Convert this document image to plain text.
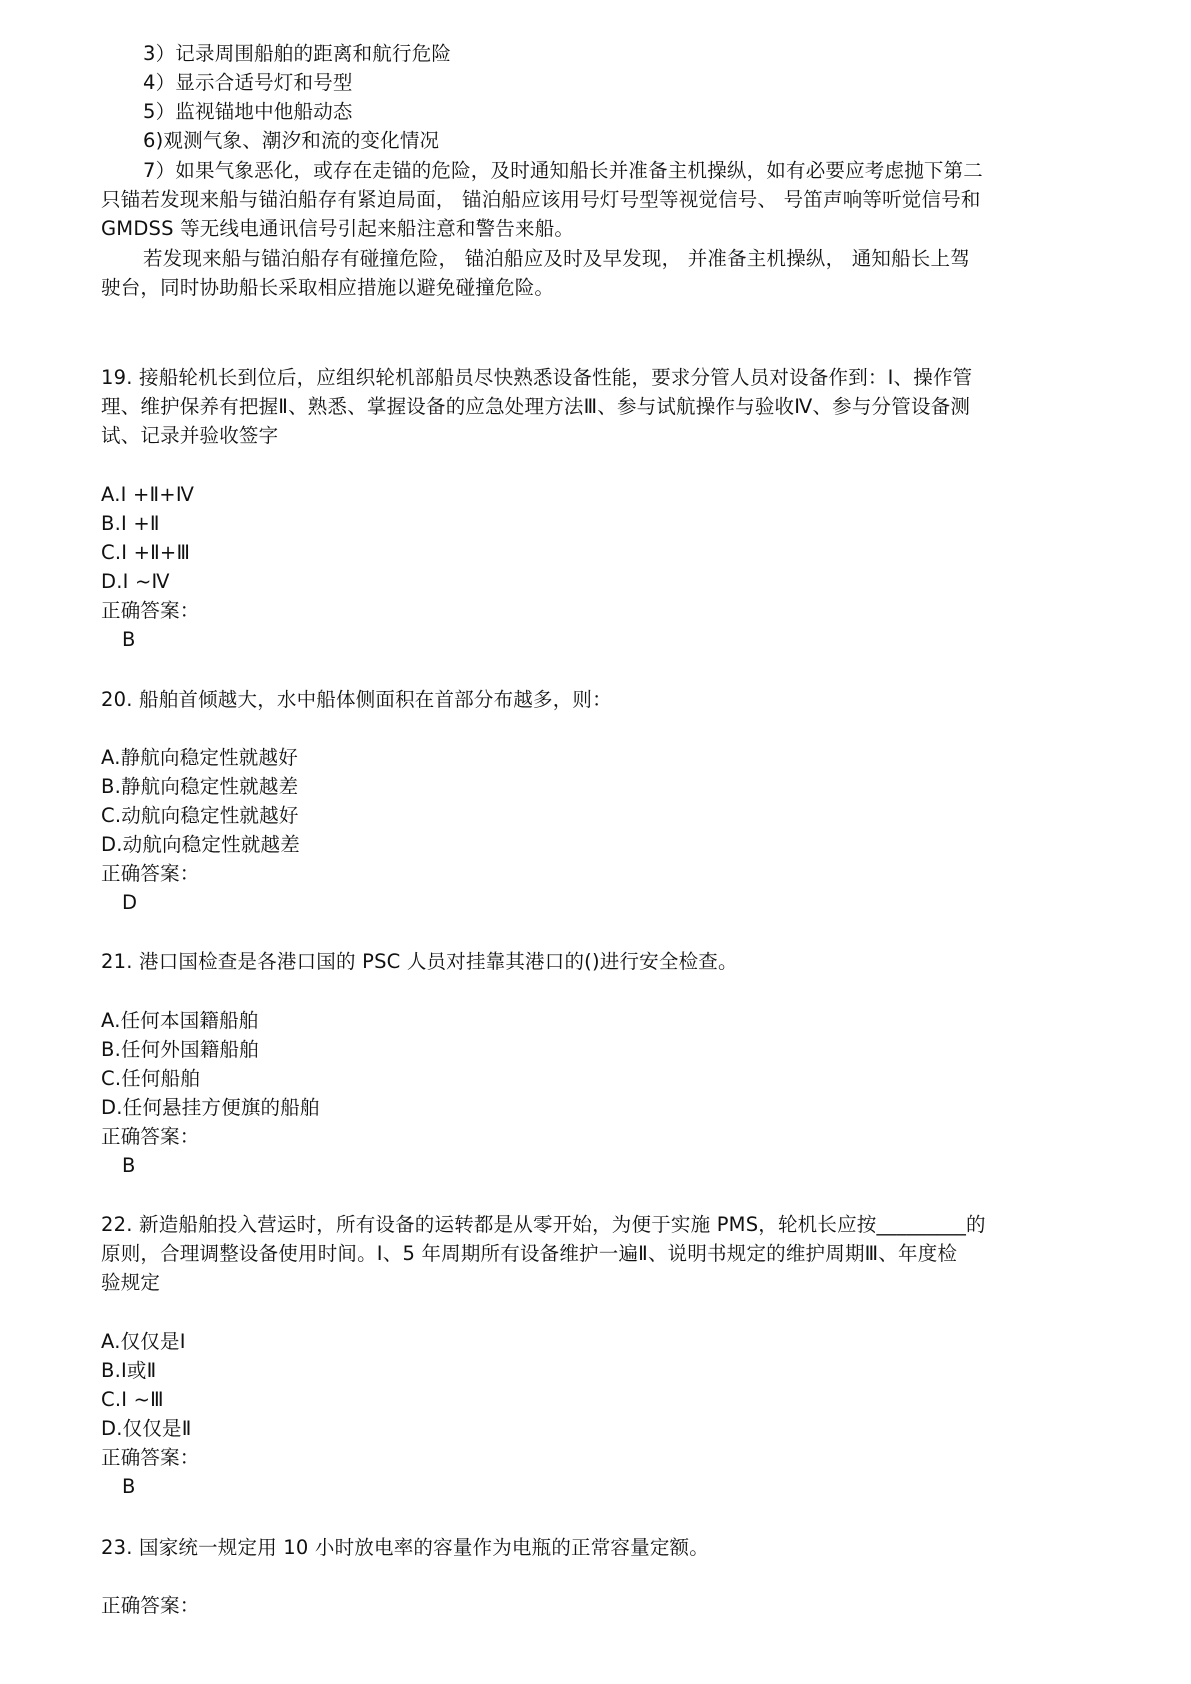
3）记录周围船舶的距离和航行危险
4）显示合适号灯和号型
5）监视锚地中他船动态
6)观测气象、潮汐和流的变化情况
7）如果气象恶化，或存在走锚的危险，及时通知船长并准备主机操纵，如有必要应考虑抛下第二
只锚若发现来船与锚泊船存有紧迫局面， 锚泊船应该用号灯号型等视觉信号、 号笛声响等听觉信号和
GMDSS 等无线电通讯信号引起来船注意和警告来船。
若发现来船与锚泊船存有碰撞危险， 锚泊船应及时及早发现， 并准备主机操纵， 通知船长上驾
驶台，同时协助船长采取相应措施以避免碰撞危险。
19. 接船轮机长到位后，应组织轮机部船员尽快熟悉设备性能，要求分管人员对设备作到：Ⅰ、操作管
理、维护保养有把握Ⅱ、熟悉、掌握设备的应急处理方法Ⅲ、参与试航操作与验收Ⅳ、参与分管设备测
试、记录并验收签字
A.Ⅰ +Ⅱ+Ⅳ
B.Ⅰ +Ⅱ
C.Ⅰ +Ⅱ+Ⅲ
D.Ⅰ ~Ⅳ
正确答案：
B
20. 船舶首倾越大，水中船体侧面积在首部分布越多，则：
A.静航向稳定性就越好
B.静航向稳定性就越差
C.动航向稳定性就越好
D.动航向稳定性就越差
正确答案：
D
21. 港口国检查是各港口国的 PSC 人员对挂靠其港口的()进行安全检查。
A.任何本国籍船舶
B.任何外国籍船舶
C.任何船舶
D.任何悬挂方便旗的船舶
正确答案：
B
22. 新造船舶投入营运时，所有设备的运转都是从零开始，为便于实施 PMS，轮机长应按_________的
原则，合理调整设备使用时间。Ⅰ、5 年周期所有设备维护一遍Ⅱ、说明书规定的维护周期Ⅲ、年度检
验规定
A.仅仅是Ⅰ
B.Ⅰ或Ⅱ
C.Ⅰ ~Ⅲ
D.仅仅是Ⅱ
正确答案：
B
23. 国家统一规定用 10 小时放电率的容量作为电瓶的正常容量定额。
正确答案：
